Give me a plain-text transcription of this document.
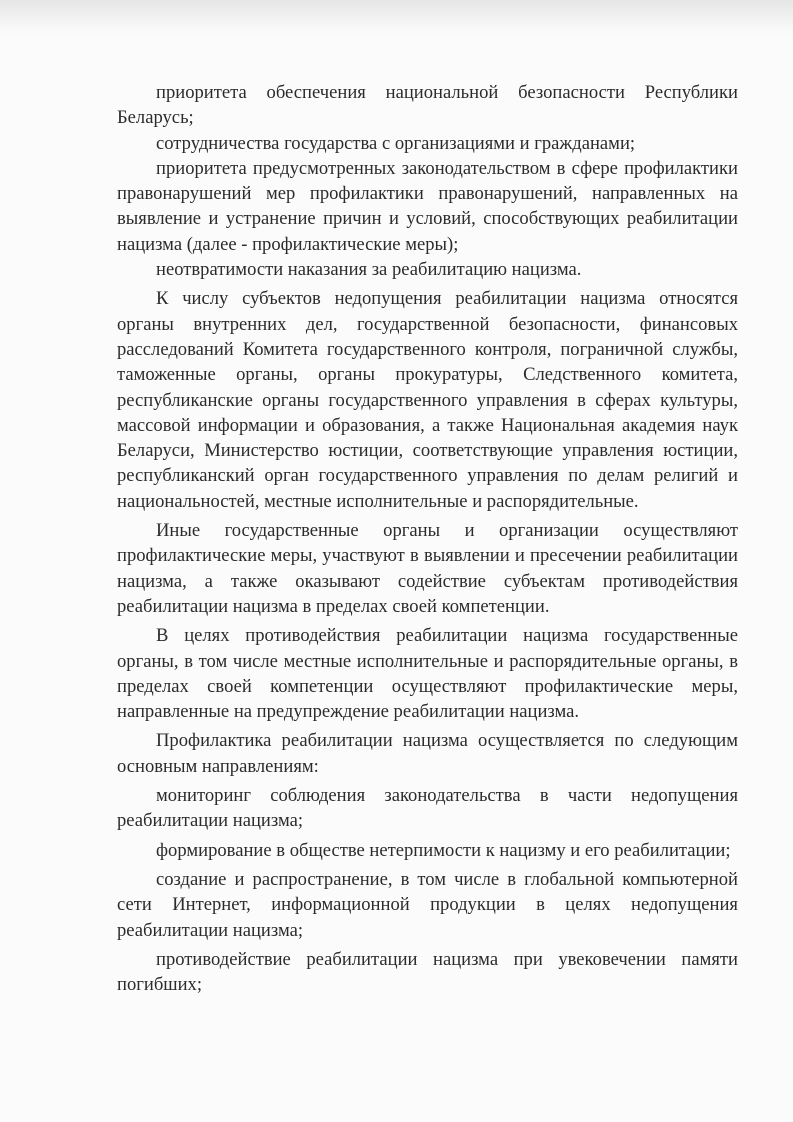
приоритета обеспечения национальной безопасности Республики Беларусь;

сотрудничества государства с организациями и гражданами;

приоритета предусмотренных законодательством в сфере профилактики правонарушений мер профилактики правонарушений, направленных на выявление и устранение причин и условий, способствующих реабилитации нацизма (далее - профилактические меры);

неотвратимости наказания за реабилитацию нацизма.

К числу субъектов недопущения реабилитации нацизма относятся органы внутренних дел, государственной безопасности, финансовых расследований Комитета государственного контроля, пограничной службы, таможенные органы, органы прокуратуры, Следственного комитета, республиканские органы государственного управления в сферах культуры, массовой информации и образования, а также Национальная академия наук Беларуси, Министерство юстиции, соответствующие управления юстиции, республиканский орган государственного управления по делам религий и национальностей, местные исполнительные и распорядительные.

Иные государственные органы и организации осуществляют профилактические меры, участвуют в выявлении и пресечении реабилитации нацизма, а также оказывают содействие субъектам противодействия реабилитации нацизма в пределах своей компетенции.

В целях противодействия реабилитации нацизма государственные органы, в том числе местные исполнительные и распорядительные органы, в пределах своей компетенции осуществляют профилактические меры, направленные на предупреждение реабилитации нацизма.

Профилактика реабилитации нацизма осуществляется по следующим основным направлениям:

мониторинг соблюдения законодательства в части недопущения реабилитации нацизма;

формирование в обществе нетерпимости к нацизму и его реабилитации;

создание и распространение, в том числе в глобальной компьютерной сети Интернет, информационной продукции в целях недопущения реабилитации нацизма;

противодействие реабилитации нацизма при увековечении памяти погибших;
